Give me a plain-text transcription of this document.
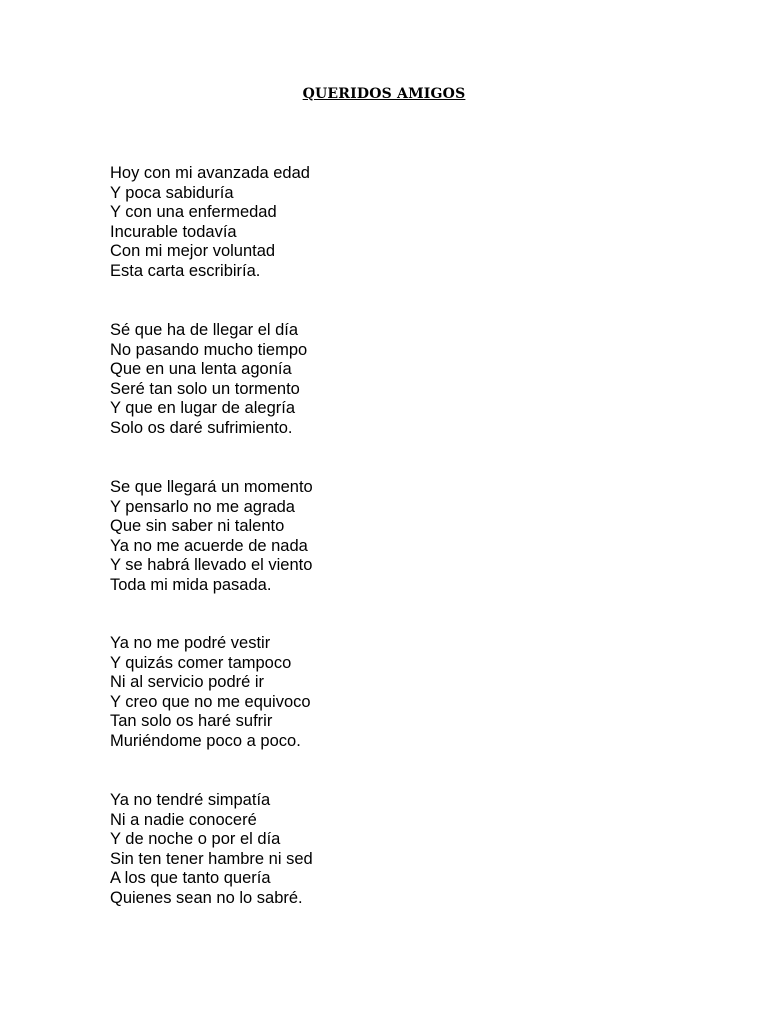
QUERIDOS AMIGOS
Hoy con mi avanzada edad
Y poca sabiduría
Y con una enfermedad
Incurable todavía
Con mi mejor voluntad
Esta carta escribiría.
Sé que ha de llegar el día
No pasando mucho tiempo
Que en una lenta agonía
Seré tan solo un tormento
Y que en lugar de alegría
Solo os daré sufrimiento.
Se que llegará un momento
Y pensarlo no me agrada
Que sin saber ni talento
Ya no me acuerde de nada
Y se habrá llevado el viento
Toda mi mida pasada.
Ya no me podré vestir
Y quizás comer tampoco
Ni al servicio podré ir
Y creo que no me equivoco
Tan solo os haré sufrir
Muriéndome poco a poco.
Ya no tendré simpatía
Ni a nadie conoceré
Y de noche o por el día
Sin ten tener hambre ni sed
A los que tanto quería
Quienes sean no lo sabré.
